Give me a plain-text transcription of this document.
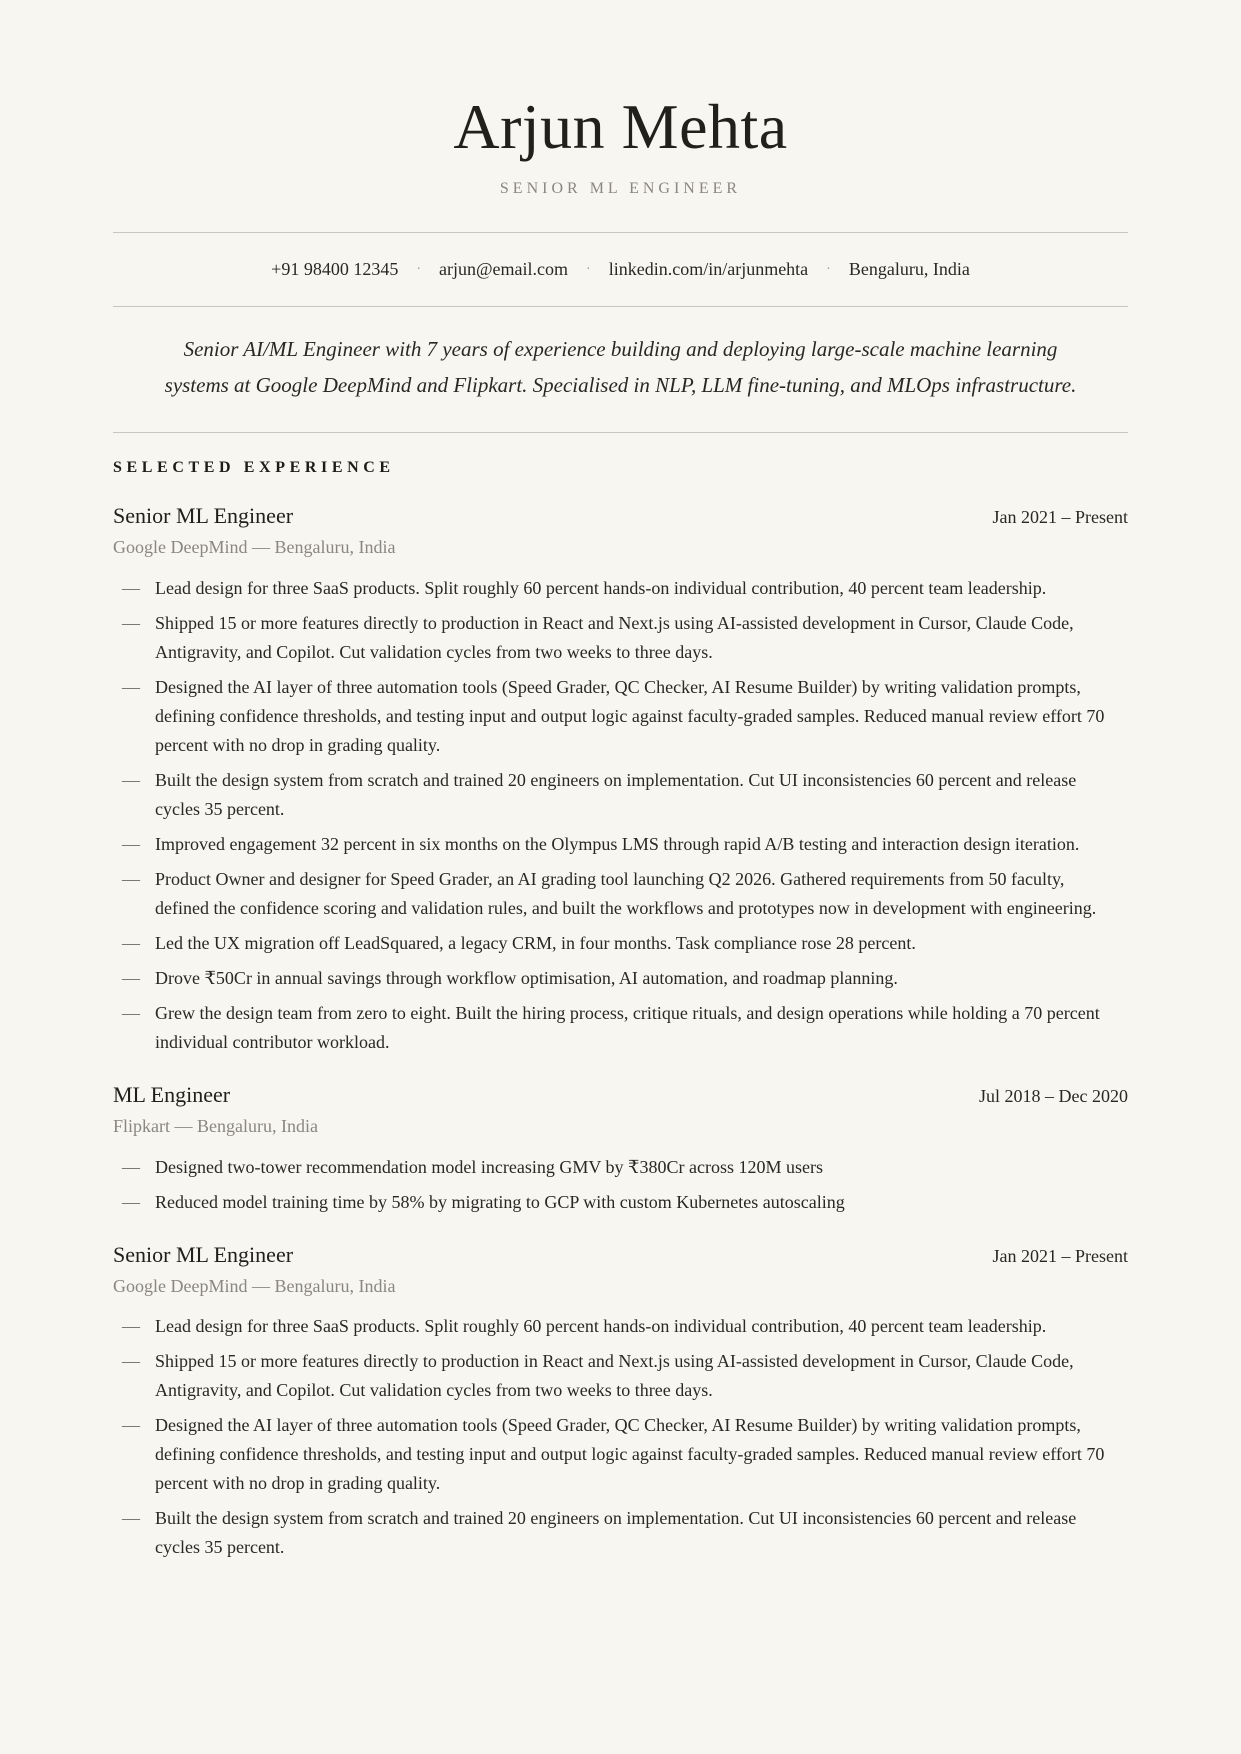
Arjun Mehta
SENIOR ML ENGINEER
+91 98400 12345 · arjun@email.com · linkedin.com/in/arjunmehta · Bengaluru, India

Senior AI/ML Engineer with 7 years of experience building and deploying large-scale machine learning systems at Google DeepMind and Flipkart. Specialised in NLP, LLM fine-tuning, and MLOps infrastructure.

SELECTED EXPERIENCE
Senior ML Engineer	Jan 2021 – Present
Google DeepMind — Bengaluru, India
— Lead design for three SaaS products. Split roughly 60 percent hands-on individual contribution, 40 percent team leadership.
— Shipped 15 or more features directly to production in React and Next.js using AI-assisted development in Cursor, Claude Code, Antigravity, and Copilot. Cut validation cycles from two weeks to three days.
— Designed the AI layer of three automation tools (Speed Grader, QC Checker, AI Resume Builder) by writing validation prompts, defining confidence thresholds, and testing input and output logic against faculty-graded samples. Reduced manual review effort 70 percent with no drop in grading quality.
— Built the design system from scratch and trained 20 engineers on implementation. Cut UI inconsistencies 60 percent and release cycles 35 percent.
— Improved engagement 32 percent in six months on the Olympus LMS through rapid A/B testing and interaction design iteration.
— Product Owner and designer for Speed Grader, an AI grading tool launching Q2 2026. Gathered requirements from 50 faculty, defined the confidence scoring and validation rules, and built the workflows and prototypes now in development with engineering.
— Led the UX migration off LeadSquared, a legacy CRM, in four months. Task compliance rose 28 percent.
— Drove ₹50Cr in annual savings through workflow optimisation, AI automation, and roadmap planning.
— Grew the design team from zero to eight. Built the hiring process, critique rituals, and design operations while holding a 70 percent individual contributor workload.
ML Engineer	Jul 2018 – Dec 2020
Flipkart — Bengaluru, India
— Designed two-tower recommendation model increasing GMV by ₹380Cr across 120M users
— Reduced model training time by 58% by migrating to GCP with custom Kubernetes autoscaling
Senior ML Engineer	Jan 2021 – Present
Google DeepMind — Bengaluru, India
— Lead design for three SaaS products. Split roughly 60 percent hands-on individual contribution, 40 percent team leadership.
— Shipped 15 or more features directly to production in React and Next.js using AI-assisted development in Cursor, Claude Code, Antigravity, and Copilot. Cut validation cycles from two weeks to three days.
— Designed the AI layer of three automation tools (Speed Grader, QC Checker, AI Resume Builder) by writing validation prompts, defining confidence thresholds, and testing input and output logic against faculty-graded samples. Reduced manual review effort 70 percent with no drop in grading quality.
— Built the design system from scratch and trained 20 engineers on implementation. Cut UI inconsistencies 60 percent and release cycles 35 percent.
